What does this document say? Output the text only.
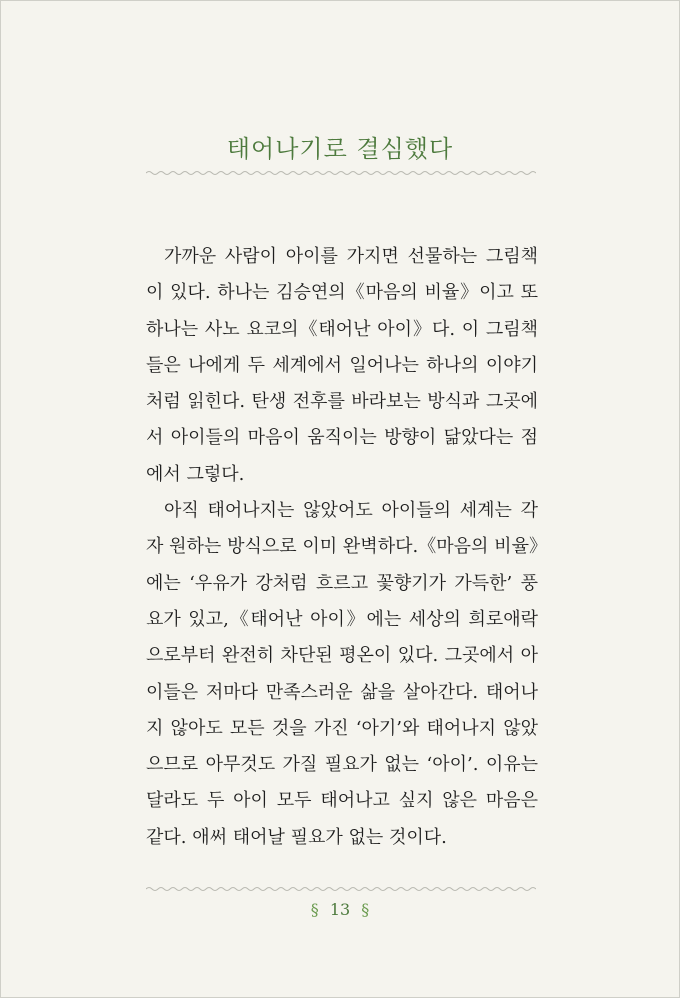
태어나기로 결심했다

가까운 사람이 아이를 가지면 선물하는 그림책이 있다. 하나는 김승연의《마음의 비율》이고 또 하나는 사노 요코의《태어난 아이》다. 이 그림책들은 나에게 두 세계에서 일어나는 하나의 이야기처럼 읽힌다. 탄생 전후를 바라보는 방식과 그곳에서 아이들의 마음이 움직이는 방향이 닮았다는 점에서 그렇다.

아직 태어나지는 않았어도 아이들의 세계는 각자 원하는 방식으로 이미 완벽하다.《마음의 비율》에는 ‘우유가 강처럼 흐르고 꽃향기가 가득한’ 풍요가 있고,《태어난 아이》에는 세상의 희로애락으로부터 완전히 차단된 평온이 있다. 그곳에서 아이들은 저마다 만족스러운 삶을 살아간다. 태어나지 않아도 모든 것을 가진 ‘아기’와 태어나지 않았으므로 아무것도 가질 필요가 없는 ‘아이’. 이유는 달라도 두 아이 모두 태어나고 싶지 않은 마음은 같다. 애써 태어날 필요가 없는 것이다.

§ 13 §
